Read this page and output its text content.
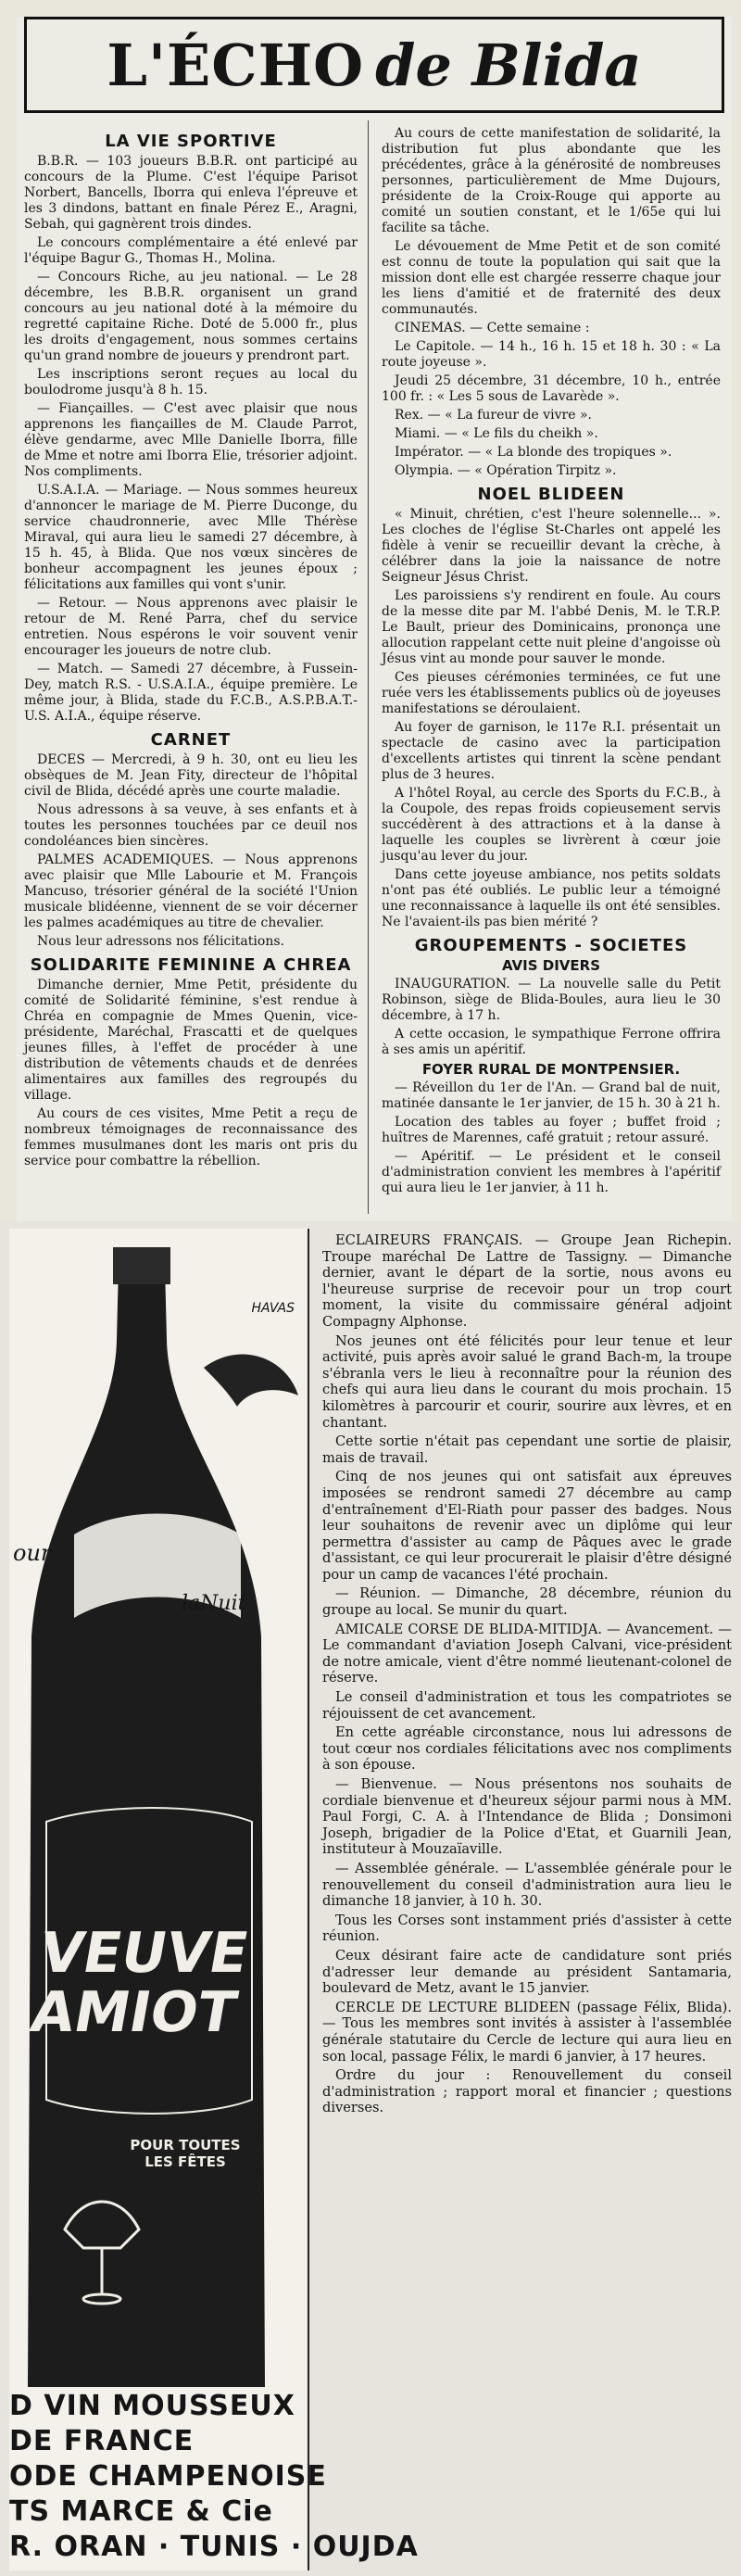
L'ÉCHO de Blida
LA VIE SPORTIVE

B.B.R. — 103 joueurs B.B.R. ont participé au concours de la Plume. C'est l'équipe Parisot Norbert, Bancells, Iborra qui enleva l'épreuve et les 3 dindons, battant en finale Pérez E., Aragni, Sebah, qui gagnèrent trois dindes.

Le concours complémentaire a été enlevé par l'équipe Bagur G., Thomas H., Molina.

— Concours Riche, au jeu national. — Le 28 décembre, les B.B.R. organisent un grand concours au jeu national doté à la mémoire du regretté capitaine Riche. Doté de 5.000 fr., plus les droits d'engagement, nous sommes certains qu'un grand nombre de joueurs y prendront part.

Les inscriptions seront reçues au local du boulodrome jusqu'à 8 h. 15.

— Fiançailles. — C'est avec plaisir que nous apprenons les fiançailles de M. Claude Parrot, élève gendarme, avec Mlle Danielle Iborra, fille de Mme et notre ami Iborra Elie, trésorier adjoint. Nos compliments.

U.S.A.I.A. — Mariage. — Nous sommes heureux d'annoncer le mariage de M. Pierre Duconge, du service chaudronnerie, avec Mlle Thérèse Miraval, qui aura lieu le samedi 27 décembre, à 15 h. 45, à Blida. Que nos vœux sincères de bonheur accompagnent les jeunes époux ; félicitations aux familles qui vont s'unir.

— Retour. — Nous apprenons avec plaisir le retour de M. René Parra, chef du service entretien. Nous espérons le voir souvent venir encourager les joueurs de notre club.

— Match. — Samedi 27 décembre, à Fussein-Dey, match R.S. - U.S.A.I.A., équipe première. Le même jour, à Blida, stade du F.C.B., A.S.P.B.A.T.-U.S. A.I.A., équipe réserve.

CARNET

DECES — Mercredi, à 9 h. 30, ont eu lieu les obsèques de M. Jean Fity, directeur de l'hôpital civil de Blida, décédé après une courte maladie.

Nous adressons à sa veuve, à ses enfants et à toutes les personnes touchées par ce deuil nos condoléances bien sincères.

PALMES ACADEMIQUES. — Nous apprenons avec plaisir que Mlle Labourie et M. François Mancuso, trésorier général de la société l'Union musicale blidéenne, viennent de se voir décerner les palmes académiques au titre de chevalier.

Nous leur adressons nos félicitations.

SOLIDARITE FEMININE A CHREA

Dimanche dernier, Mme Petit, présidente du comité de Solidarité féminine, s'est rendue à Chréa en compagnie de Mmes Quenin, vice-présidente, Maréchal, Frascatti et de quelques jeunes filles, à l'effet de procéder à une distribution de vêtements chauds et de denrées alimentaires aux familles des regroupés du village.

Au cours de ces visites, Mme Petit a reçu de nombreux témoignages de reconnaissance des femmes musulmanes dont les maris ont pris du service pour combattre la rébellion.

Au cours de cette manifestation de solidarité, la distribution fut plus abondante que les précédentes, grâce à la générosité de nombreuses personnes, particulièrement de Mme Dujours, présidente de la Croix-Rouge qui apporte au comité un soutien constant, et le 1/65e qui lui facilite sa tâche.

Le dévouement de Mme Petit et de son comité est connu de toute la population qui sait que la mission dont elle est chargée resserre chaque jour les liens d'amitié et de fraternité des deux communautés.

CINEMAS. — Cette semaine :

Le Capitole. — 14 h., 16 h. 15 et 18 h. 30 : « La route joyeuse ».

Jeudi 25 décembre, 31 décembre, 10 h., entrée 100 fr. : « Les 5 sous de Lavarède ».

Rex. — « La fureur de vivre ».

Miami. — « Le fils du cheikh ».

Impérator. — « La blonde des tropiques ».

Olympia. — « Opération Tirpitz ».

NOEL BLIDEEN

« Minuit, chrétien, c'est l'heure solennelle... ». Les cloches de l'église St-Charles ont appelé les fidèle à venir se recueillir devant la crèche, à célébrer dans la joie la naissance de notre Seigneur Jésus Christ.

Les paroissiens s'y rendirent en foule. Au cours de la messe dite par M. l'abbé Denis, M. le T.R.P. Le Bault, prieur des Dominicains, prononça une allocution rappelant cette nuit pleine d'angoisse où Jésus vint au monde pour sauver le monde.

Ces pieuses cérémonies terminées, ce fut une ruée vers les établissements publics où de joyeuses manifestations se déroulaient.

Au foyer de garnison, le 117e R.I. présentait un spectacle de casino avec la participation d'excellents artistes qui tinrent la scène pendant plus de 3 heures.

A l'hôtel Royal, au cercle des Sports du F.C.B., à la Coupole, des repas froids copieusement servis succédèrent à des attractions et à la danse à laquelle les couples se livrèrent à cœur joie jusqu'au lever du jour.

Dans cette joyeuse ambiance, nos petits soldats n'ont pas été oubliés. Le public leur a témoigné une reconnaissance à laquelle ils ont été sensibles. Ne l'avaient-ils pas bien mérité ?

GROUPEMENTS - SOCIETES
AVIS DIVERS

INAUGURATION. — La nouvelle salle du Petit Robinson, siège de Blida-Boules, aura lieu le 30 décembre, à 17 h.

A cette occasion, le sympathique Ferrone offrira à ses amis un apéritif.

FOYER RURAL DE MONTPENSIER.

— Réveillon du 1er de l'An. — Grand bal de nuit, matinée dansante le 1er janvier, de 15 h. 30 à 21 h.

Location des tables au foyer ; buffet froid ; huîtres de Marennes, café gratuit ; retour assuré.

— Apéritif. — Le président et le conseil d'administration convient les membres à l'apéritif qui aura lieu le 1er janvier, à 11 h.

HAVAS
our
laNuit
VEUVE
AMIOT
POUR TOUTES
LES FÊTES
D VIN MOUSSEUX
DE FRANCE
ODE CHAMPENOISE
TS MARCE & Cie
R. ORAN · TUNIS · OUJDA

ECLAIREURS FRANÇAIS. — Groupe Jean Richepin. Troupe maréchal De Lattre de Tassigny. — Dimanche dernier, avant le départ de la sortie, nous avons eu l'heureuse surprise de recevoir pour un trop court moment, la visite du commissaire général adjoint Compagny Alphonse.

Nos jeunes ont été félicités pour leur tenue et leur activité, puis après avoir salué le grand Bach-m, la troupe s'ébranla vers le lieu à reconnaître pour la réunion des chefs qui aura lieu dans le courant du mois prochain. 15 kilomètres à parcourir et courir, sourire aux lèvres, et en chantant.

Cette sortie n'était pas cependant une sortie de plaisir, mais de travail.

Cinq de nos jeunes qui ont satisfait aux épreuves imposées se rendront samedi 27 décembre au camp d'entraînement d'El-Riath pour passer des badges. Nous leur souhaitons de revenir avec un diplôme qui leur permettra d'assister au camp de Pâques avec le grade d'assistant, ce qui leur procurerait le plaisir d'être désigné pour un camp de vacances l'été prochain.

— Réunion. — Dimanche, 28 décembre, réunion du groupe au local. Se munir du quart.

AMICALE CORSE DE BLIDA-MITIDJA. — Avancement. — Le commandant d'aviation Joseph Calvani, vice-président de notre amicale, vient d'être nommé lieutenant-colonel de réserve.

Le conseil d'administration et tous les compatriotes se réjouissent de cet avancement.

En cette agréable circonstance, nous lui adressons de tout cœur nos cordiales félicitations avec nos compliments à son épouse.

— Bienvenue. — Nous présentons nos souhaits de cordiale bienvenue et d'heureux séjour parmi nous à MM. Paul Forgi, C. A. à l'Intendance de Blida ; Donsimoni Joseph, brigadier de la Police d'Etat, et Guarnili Jean, instituteur à Mouzaïaville.

— Assemblée générale. — L'assemblée générale pour le renouvellement du conseil d'administration aura lieu le dimanche 18 janvier, à 10 h. 30.

Tous les Corses sont instamment priés d'assister à cette réunion.

Ceux désirant faire acte de candidature sont priés d'adresser leur demande au président Santamaria, boulevard de Metz, avant le 15 janvier.

CERCLE DE LECTURE BLIDEEN (passage Félix, Blida). — Tous les membres sont invités à assister à l'assemblée générale statutaire du Cercle de lecture qui aura lieu en son local, passage Félix, le mardi 6 janvier, à 17 heures.

Ordre du jour : Renouvellement du conseil d'administration ; rapport moral et financier ; questions diverses.
